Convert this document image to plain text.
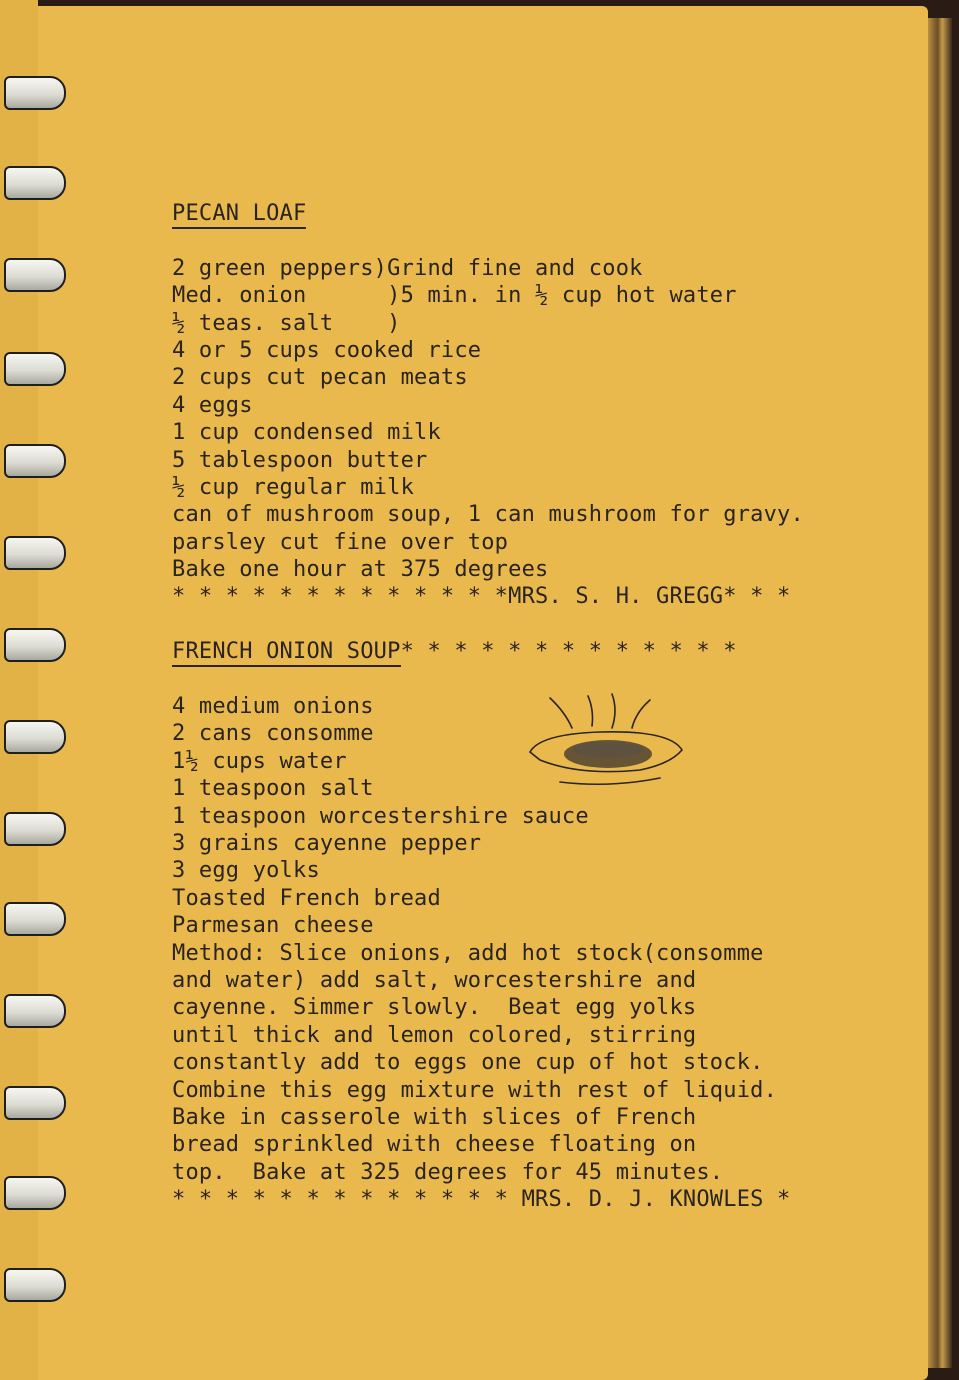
PECAN LOAF
2 green peppers)Grind fine and cook
Med. onion      )5 min. in ½ cup hot water
½ teas. salt    )
4 or 5 cups cooked rice
2 cups cut pecan meats
4 eggs
1 cup condensed milk
5 tablespoon butter
½ cup regular milk
can of mushroom soup, 1 can mushroom for gravy.
parsley cut fine over top
Bake one hour at 375 degrees
* * * * * * * * * * * * *MRS. S. H. GREGG* * *
FRENCH ONION SOUP* * * * * * * * * * * * *
4 medium onions
2 cans consomme
1½ cups water
1 teaspoon salt
1 teaspoon worcestershire sauce
3 grains cayenne pepper
3 egg yolks
Toasted French bread
Parmesan cheese
Method: Slice onions, add hot stock(consomme
and water) add salt, worcestershire and
cayenne. Simmer slowly.  Beat egg yolks
until thick and lemon colored, stirring
constantly add to eggs one cup of hot stock.
Combine this egg mixture with rest of liquid.
Bake in casserole with slices of French
bread sprinkled with cheese floating on
top.  Bake at 325 degrees for 45 minutes.
* * * * * * * * * * * * * MRS. D. J. KNOWLES *
